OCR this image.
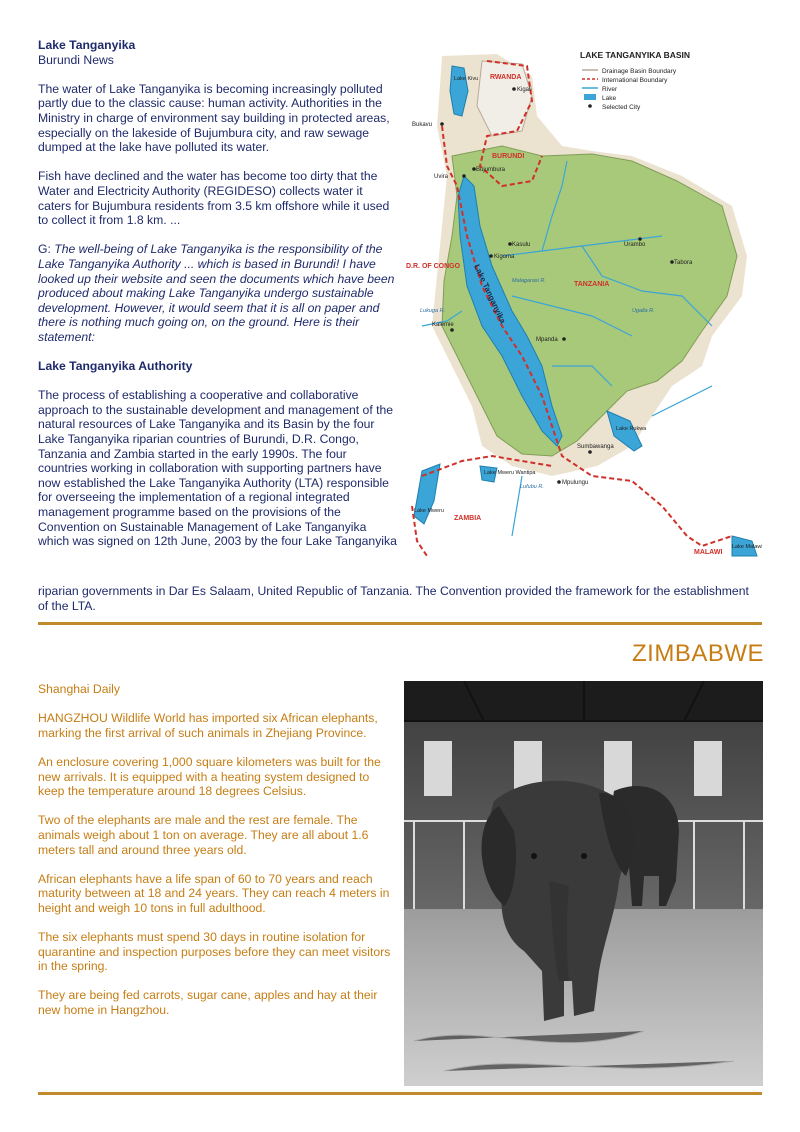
Lake Tanganyika

Burundi News

The water of Lake Tanganyika is becoming increasingly polluted partly due to the classic cause: human activity. Authorities in the Ministry in charge of environment say building in protected areas, especially on the lakeside of Bujumbura city, and raw sewage dumped at the lake have polluted its water.

Fish have declined and the water has become too dirty that the Water and Electricity Authority (REGIDESO) collects water it caters for Bujumbura residents from 3.5 km offshore while it used to collect it from 1.8 km. ...

G: The well-being of Lake Tanganyika is the responsibility of the Lake Tanganyika Authority ... which is based in Burundi! I have looked up their website and seen the documents which have been produced about making Lake Tanganyika undergo sustainable development. However, it would seem that it is all on paper and there is nothing much going on, on the ground. Here is their statement:

Lake Tanganyika Authority

The process of establishing a cooperative and collaborative approach to the sustainable development and management of the natural resources of Lake Tanganyika and its Basin by the four Lake Tanganyika riparian countries of Burundi, D.R. Congo, Tanzania and Zambia started in the early 1990s. The four countries working in collaboration with supporting partners have now established the Lake Tanganyika Authority (LTA) responsible for overseeing the implementation of a regional integrated management programme based on the provisions of the Convention on Sustainable Management of Lake Tanganyika which was signed on 12th June, 2003 by the four Lake Tanganyika

riparian governments in Dar Es Salaam, United Republic of Tanzania. The Convention provided the framework for the establishment of the LTA.

LAKE TANGANYIKA BASIN
Drainage Basin Boundary
International Boundary
River
Lake
Selected City
RWANDA
BURUNDI
D.R. OF CONGO
TANZANIA
ZAMBIA
MALAWI
Kigali
Bukavu
Uvira
Bujumbura
Kasulu
Kigoma
Kalemie
Urambo
Tabora
Mpanda
Sumbawanga
Mpulungu
Lake Kivu
Lake Tanganyika
Lake Rukwa
Lake Mweru
Lake Mweru Wantipa
Lake Malawi
Malagarasi R.
Lukuga R.	Ugalla R.
Lufubu R.
ZIMBABWE

Shanghai Daily

HANGZHOU Wildlife World has imported six African elephants, marking the first arrival of such animals in Zhejiang Province.

An enclosure covering 1,000 square kilometers was built for the new arrivals. It is equipped with a heating system designed to keep the temperature around 18 degrees Celsius.

Two of the elephants are male and the rest are female. The animals weigh about 1 ton on average. They are all about 1.6 meters tall and around three years old.

African elephants have a life span of 60 to 70 years and reach maturity between at 18 and 24 years. They can reach 4 meters in height and weigh 10 tons in full adulthood.

The six elephants must spend 30 days in routine isolation for quarantine and inspection purposes before they can meet visitors in the spring.

They are being fed carrots, sugar cane, apples and hay at their new home in Hangzhou.
